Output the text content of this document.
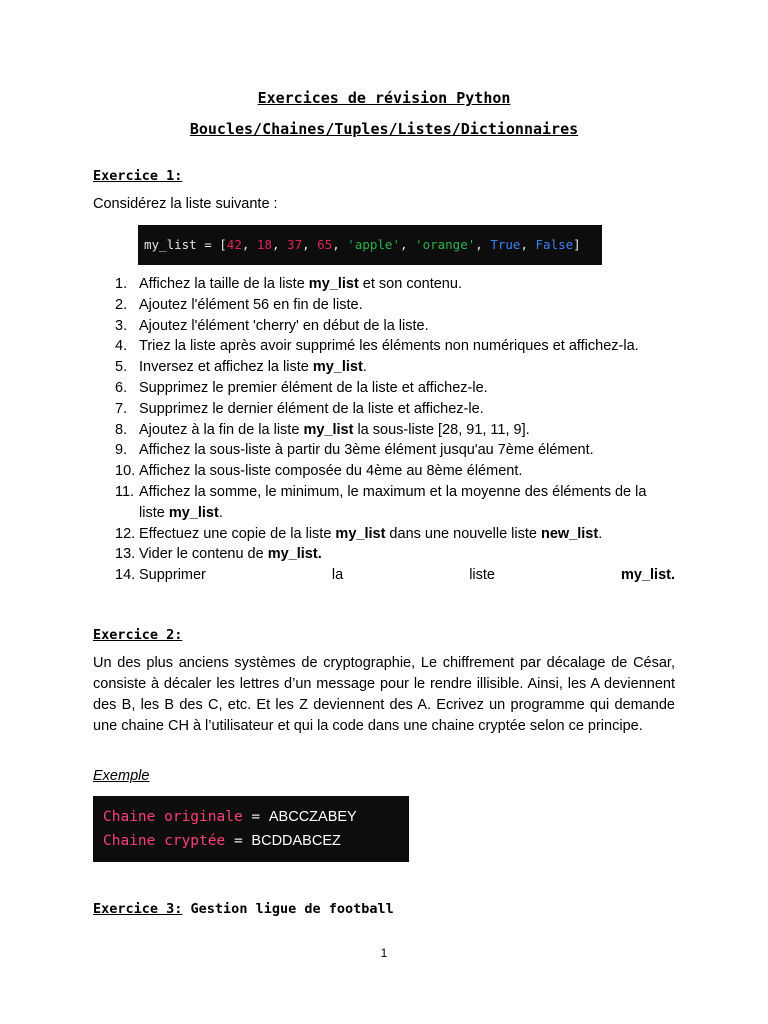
Exercices de révision Python
Boucles/Chaines/Tuples/Listes/Dictionnaires
Exercice 1:
Considérez la liste suivante :
my_list = [42, 18, 37, 65, 'apple', 'orange', True, False]
1. Affichez la taille de la liste my_list et son contenu.
2. Ajoutez l'élément 56 en fin de liste.
3. Ajoutez l'élément 'cherry' en début de la liste.
4. Triez la liste après avoir supprimé les éléments non numériques et affichez-la.
5. Inversez et affichez la liste my_list.
6. Supprimez le premier élément de la liste et affichez-le.
7. Supprimez le dernier élément de la liste et affichez-le.
8. Ajoutez à la fin de la liste my_list la sous-liste [28, 91, 11, 9].
9. Affichez la sous-liste à partir du 3ème élément jusqu'au 7ème élément.
10. Affichez la sous-liste composée du 4ème au 8ème élément.
11. Affichez la somme, le minimum, le maximum et la moyenne des éléments de la liste my_list.
12. Effectuez une copie de la liste my_list dans une nouvelle liste new_list.
13. Vider le contenu de my_list.
14. Supprimer	la	liste	my_list.
Exercice 2:

Un des plus anciens systèmes de cryptographie, Le chiffrement par décalage de César, consiste à décaler les lettres d’un message pour le rendre illisible. Ainsi, les A deviennent des B, les B des C, etc. Et les Z deviennent des A. Ecrivez un programme qui demande une chaine CH à l’utilisateur et qui la code dans une chaine cryptée selon ce principe.

Exemple
Chaine originale = ABCCZABEY
Chaine cryptée = BCDDABCEZ
Exercice 3: Gestion ligue de football
1
